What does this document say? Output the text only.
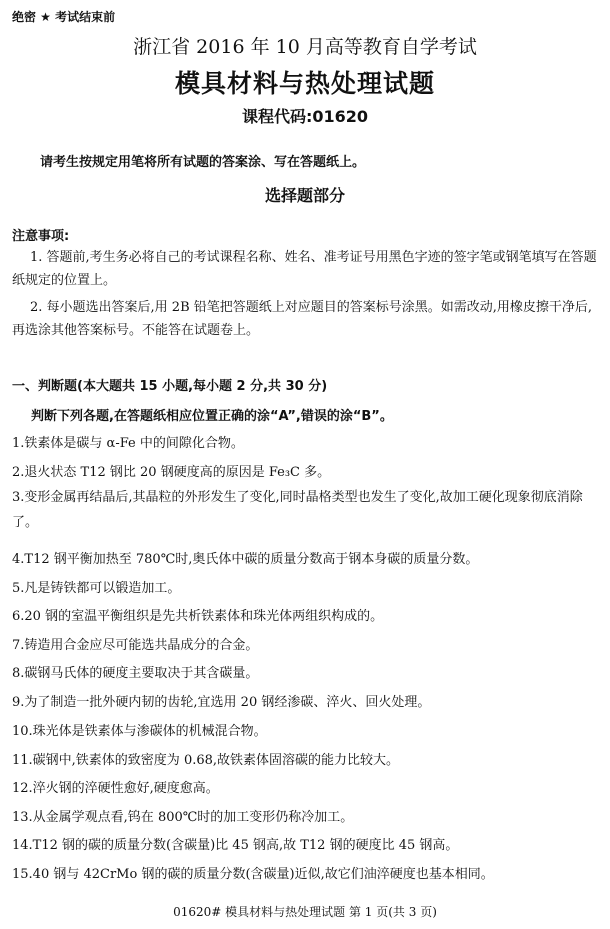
绝密 ★ 考试结束前
浙江省 2016 年 10 月高等教育自学考试
模具材料与热处理试题
课程代码:01620
请考生按规定用笔将所有试题的答案涂、写在答题纸上。
选择题部分
注意事项:
1. 答题前,考生务必将自己的考试课程名称、姓名、准考证号用黑色字迹的签字笔或钢笔填写在答题纸规定的位置上。
2. 每小题选出答案后,用 2B 铅笔把答题纸上对应题目的答案标号涂黑。如需改动,用橡皮擦干净后,再选涂其他答案标号。不能答在试题卷上。
一、判断题(本大题共 15 小题,每小题 2 分,共 30 分)
判断下列各题,在答题纸相应位置正确的涂“A”,错误的涂“B”。
1.铁素体是碳与 α-Fe 中的间隙化合物。
2.退火状态 T12 钢比 20 钢硬度高的原因是 Fe₃C 多。
3.变形金属再结晶后,其晶粒的外形发生了变化,同时晶格类型也发生了变化,故加工硬化现象彻底消除了。
4.T12 钢平衡加热至 780℃时,奥氏体中碳的质量分数高于钢本身碳的质量分数。
5.凡是铸铁都可以锻造加工。
6.20 钢的室温平衡组织是先共析铁素体和珠光体两组织构成的。
7.铸造用合金应尽可能选共晶成分的合金。
8.碳钢马氏体的硬度主要取决于其含碳量。
9.为了制造一批外硬内韧的齿轮,宜选用 20 钢经渗碳、淬火、回火处理。
10.珠光体是铁素体与渗碳体的机械混合物。
11.碳钢中,铁素体的致密度为 0.68,故铁素体固溶碳的能力比较大。
12.淬火钢的淬硬性愈好,硬度愈高。
13.从金属学观点看,钨在 800℃时的加工变形仍称冷加工。
14.T12 钢的碳的质量分数(含碳量)比 45 钢高,故 T12 钢的硬度比 45 钢高。
15.40 钢与 42CrMo 钢的碳的质量分数(含碳量)近似,故它们油淬硬度也基本相同。
01620# 模具材料与热处理试题 第 1 页(共 3 页)
